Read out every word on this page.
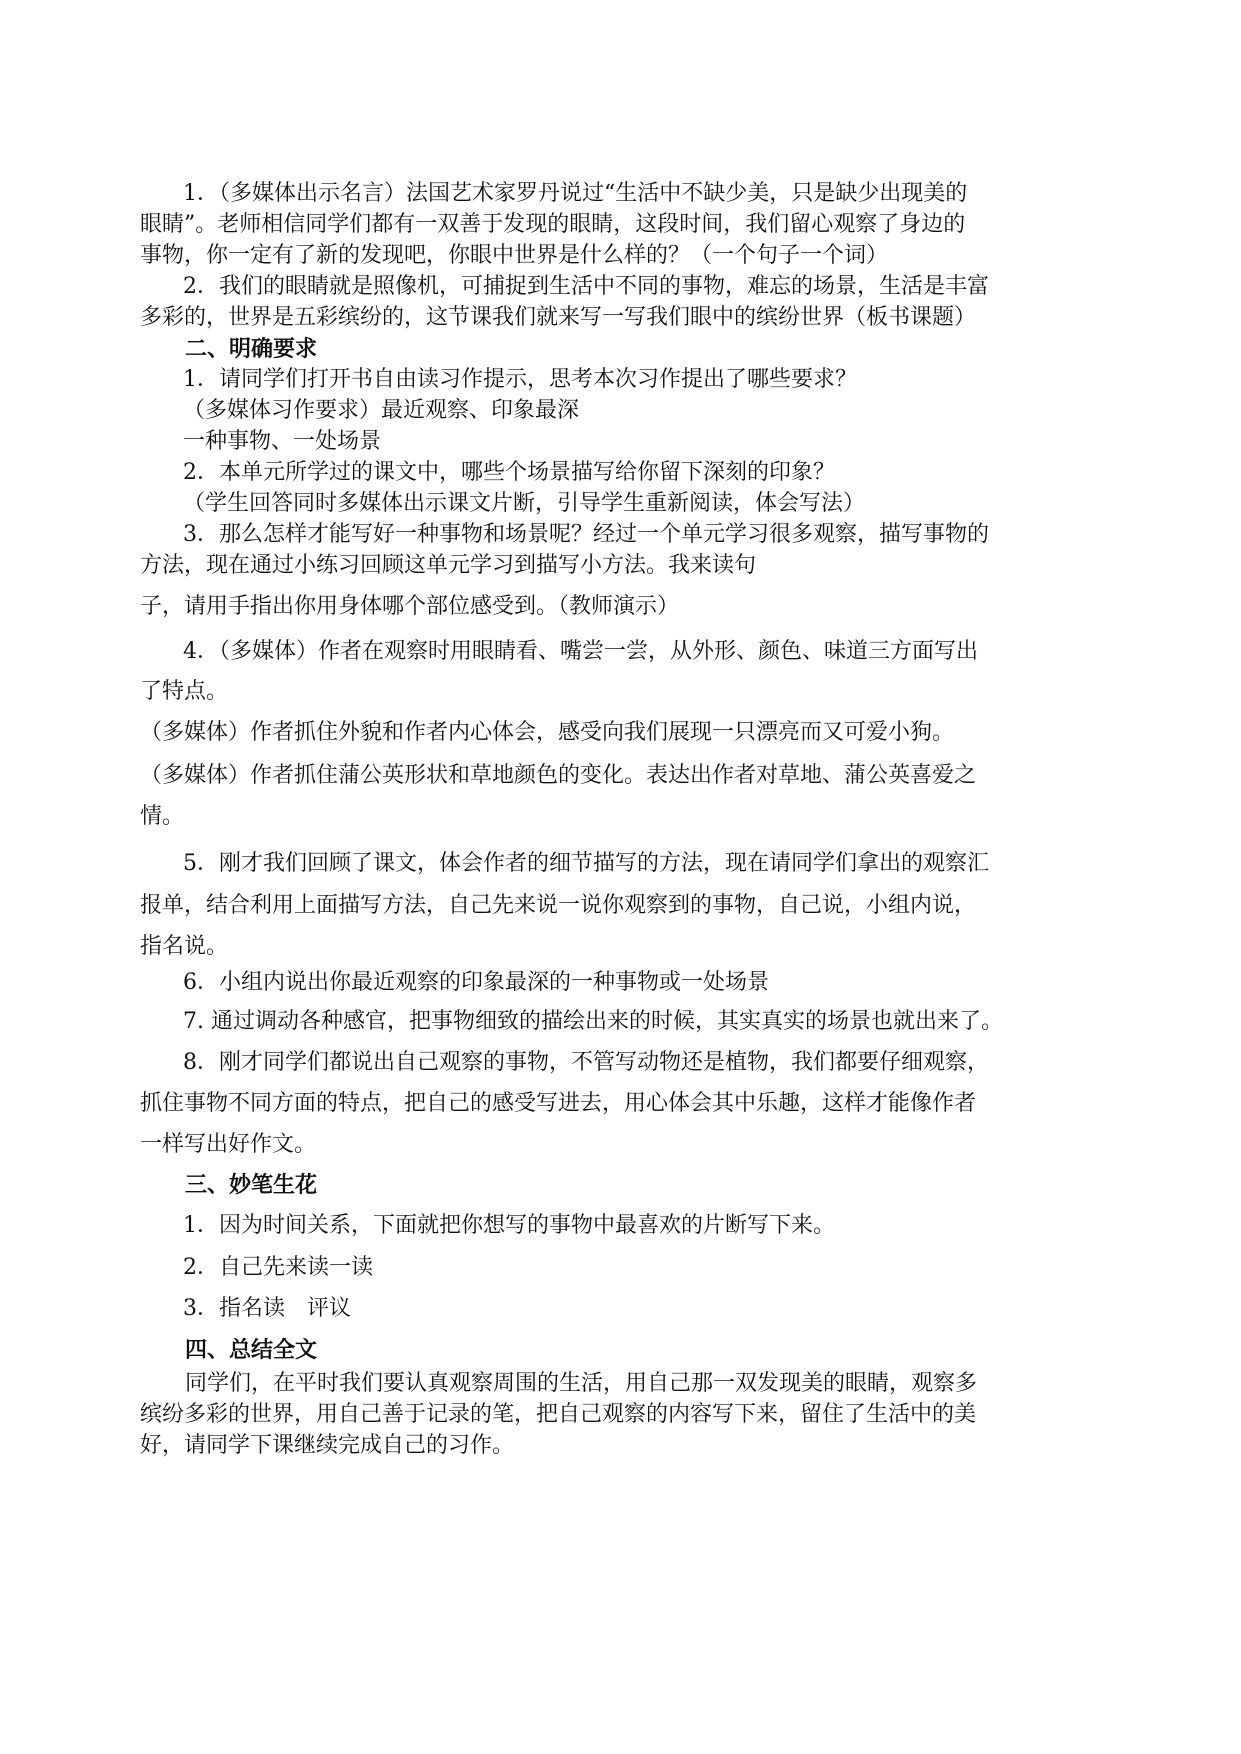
1．（多媒体出示名言）法国艺术家罗丹说过“生活中不缺少美，只是缺少出现美的
眼睛”。老师相信同学们都有一双善于发现的眼睛，这段时间，我们留心观察了身边的
事物，你一定有了新的发现吧，你眼中世界是什么样的？（一个句子一个词）
2．我们的眼睛就是照像机，可捕捉到生活中不同的事物，难忘的场景，生活是丰富
多彩的，世界是五彩缤纷的，这节课我们就来写一写我们眼中的缤纷世界（板书课题）
二、明确要求
1．请同学们打开书自由读习作提示，思考本次习作提出了哪些要求？
（多媒体习作要求）最近观察、印象最深
一种事物、一处场景
2．本单元所学过的课文中，哪些个场景描写给你留下深刻的印象？
（学生回答同时多媒体出示课文片断，引导学生重新阅读，体会写法）
3．那么怎样才能写好一种事物和场景呢？经过一个单元学习很多观察，描写事物的
方法，现在通过小练习回顾这单元学习到描写小方法。我来读句
子，请用手指出你用身体哪个部位感受到。（教师演示）
4．（多媒体）作者在观察时用眼睛看、嘴尝一尝，从外形、颜色、味道三方面写出
了特点。
（多媒体）作者抓住外貌和作者内心体会，感受向我们展现一只漂亮而又可爱小狗。
（多媒体）作者抓住蒲公英形状和草地颜色的变化。表达出作者对草地、蒲公英喜爱之
情。
5．刚才我们回顾了课文，体会作者的细节描写的方法，现在请同学们拿出的观察汇
报单，结合利用上面描写方法，自己先来说一说你观察到的事物，自己说，小组内说，
指名说。
6．小组内说出你最近观察的印象最深的一种事物或一处场景
7. 通过调动各种感官，把事物细致的描绘出来的时候，其实真实的场景也就出来了。
8．刚才同学们都说出自己观察的事物，不管写动物还是植物，我们都要仔细观察，
抓住事物不同方面的特点，把自己的感受写进去，用心体会其中乐趣，这样才能像作者
一样写出好作文。
三、妙笔生花
1．因为时间关系，下面就把你想写的事物中最喜欢的片断写下来。
2．自己先来读一读
3．指名读　评议
四、总结全文
同学们，在平时我们要认真观察周围的生活，用自己那一双发现美的眼睛，观察多
缤纷多彩的世界，用自己善于记录的笔，把自己观察的内容写下来，留住了生活中的美
好，请同学下课继续完成自己的习作。
